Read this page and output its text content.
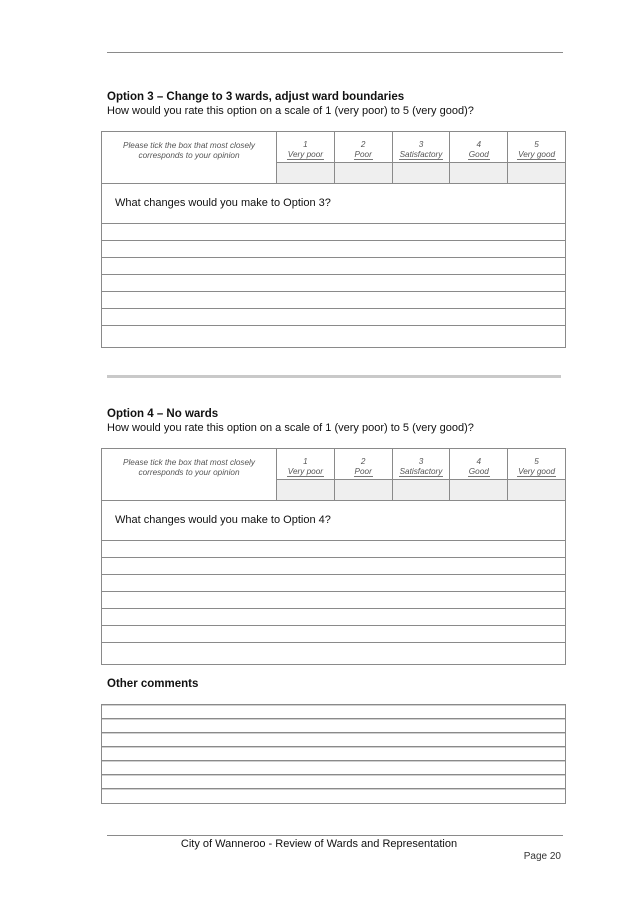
Option 3 – Change to 3 wards, adjust ward boundaries
How would you rate this option on a scale of 1 (very poor) to 5 (very good)?
Please tick the box that most closely
corresponds to your opinion
1
Very poor
2
Poor
3
Satisfactory
4
Good
5
Very good
What changes would you make to Option 3?
Option 4 – No wards
How would you rate this option on a scale of 1 (very poor) to 5 (very good)?
Please tick the box that most closely
corresponds to your opinion
1
Very poor
2
Poor
3
Satisfactory
4
Good
5
Very good
What changes would you make to Option 4?
Other comments
City of Wanneroo - Review of Wards and Representation
Page 20
